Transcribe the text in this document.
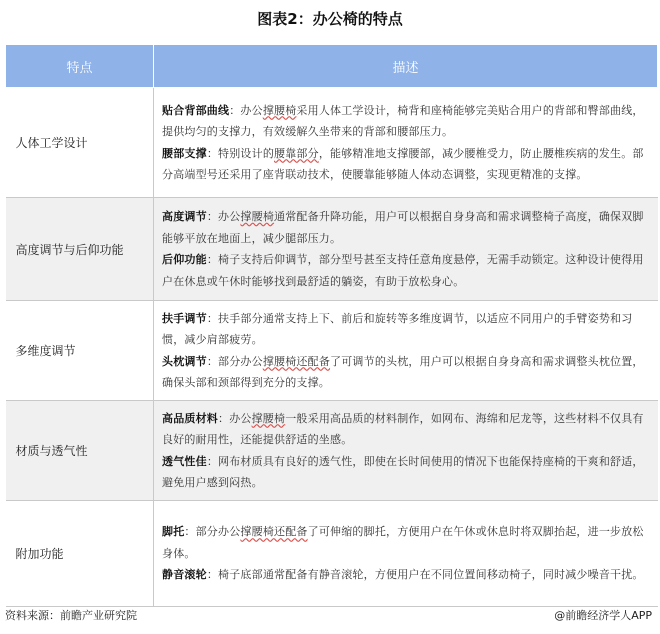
图表2：办公椅的特点
特点	描述
人体工学设计	贴合背部曲线：办公撑腰椅采用人体工学设计，椅背和座椅能够完美贴合用户的背部和臀部曲线，提供均匀的支撑力，有效缓解久坐带来的背部和腰部压力。

腰部支撑：特别设计的腰靠部分，能够精准地支撑腰部，减少腰椎受力，防止腰椎疾病的发生。部分高端型号还采用了座背联动技术，使腰靠能够随人体动态调整，实现更精准的支撑。

高度调节与后仰功能	高度调节：办公撑腰椅通常配备升降功能，用户可以根据自身身高和需求调整椅子高度，确保双脚能够平放在地面上，减少腿部压力。

后仰功能：椅子支持后仰调节，部分型号甚至支持任意角度悬停，无需手动锁定。这种设计使得用户在休息或午休时能够找到最舒适的躺姿，有助于放松身心。

多维度调节	扶手调节：扶手部分通常支持上下、前后和旋转等多维度调节，以适应不同用户的手臂姿势和习惯，减少肩部疲劳。

头枕调节：部分办公撑腰椅还配备了可调节的头枕，用户可以根据自身身高和需求调整头枕位置，确保头部和颈部得到充分的支撑。

材质与透气性	高品质材料：办公撑腰椅一般采用高品质的材料制作，如网布、海绵和尼龙等，这些材料不仅具有良好的耐用性，还能提供舒适的坐感。

透气性佳：网布材质具有良好的透气性，即使在长时间使用的情况下也能保持座椅的干爽和舒适，避免用户感到闷热。

附加功能	脚托：部分办公撑腰椅还配备了可伸缩的脚托，方便用户在午休或休息时将双脚抬起，进一步放松身体。

静音滚轮：椅子底部通常配备有静音滚轮，方便用户在不同位置间移动椅子，同时减少噪音干扰。

资料来源：前瞻产业研究院	@前瞻经济学人APP
